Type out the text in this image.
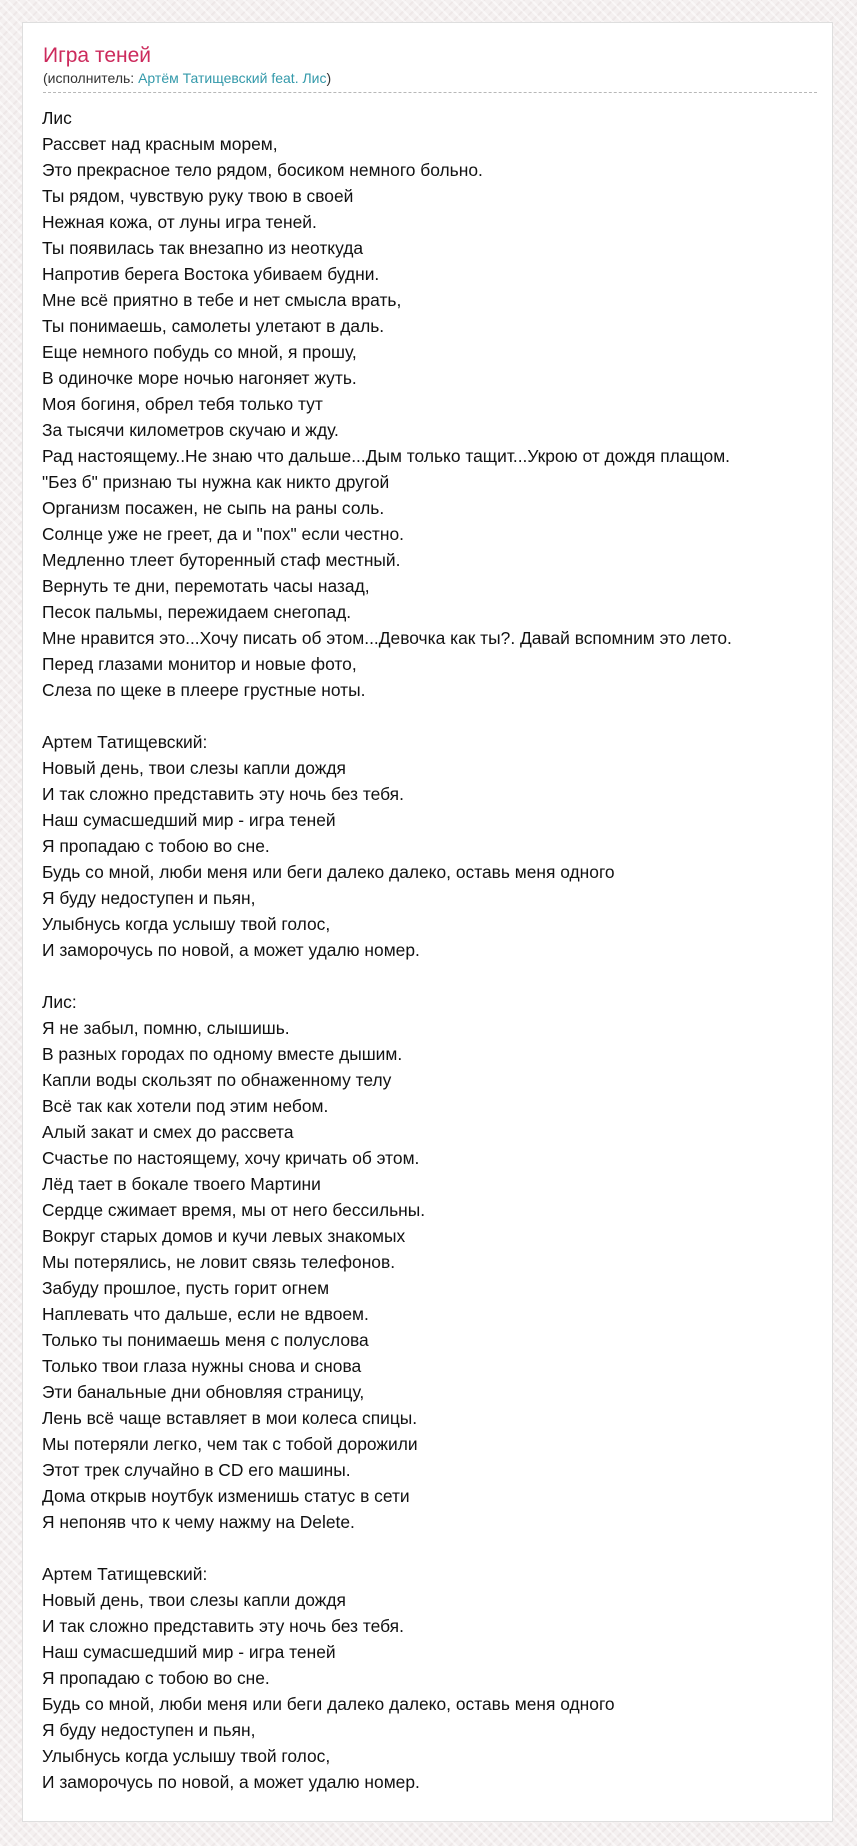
Игра теней
(исполнитель: Артём Татищевский feat. Лис)
Лис
Рассвет над красным морем,
Это прекрасное тело рядом, босиком немного больно.
Ты рядом, чувствую руку твою в своей
Нежная кожа, от луны игра теней.
Ты появилась так внезапно из неоткуда
Напротив берега Востока убиваем будни.
Мне всё приятно в тебе и нет смысла врать,
Ты понимаешь, самолеты улетают в даль.
Еще немного побудь со мной, я прошу,
В одиночке море ночью нагоняет жуть.
Моя богиня, обрел тебя только тут
За тысячи километров скучаю и жду.
Рад настоящему..Не знаю что дальше...Дым только тащит...Укрою от дождя плащом.
"Без б" признаю ты нужна как никто другой
Организм посажен, не сыпь на раны соль.
Солнце уже не греет, да и "пох" если честно.
Медленно тлеет буторенный стаф местный.
Вернуть те дни, перемотать часы назад,
Песок пальмы, пережидаем снегопад.
Мне нравится это...Хочу писать об этом...Девочка как ты?. Давай вспомним это лето.
Перед глазами монитор и новые фото,
Слеза по щеке в плеере грустные ноты.
Артем Татищевский:
Новый день, твои слезы капли дождя
И так сложно представить эту ночь без тебя.
Наш сумасшедший мир - игра теней
Я пропадаю с тобою во сне.
Будь со мной, люби меня или беги далеко далеко, оставь меня одного
Я буду недоступен и пьян,
Улыбнусь когда услышу твой голос,
И заморочусь по новой, а может удалю номер.
Лис:
Я не забыл, помню, слышишь.
В разных городах по одному вместе дышим.
Капли воды скользят по обнаженному телу
Всё так как хотели под этим небом.
Алый закат и смех до рассвета
Счастье по настоящему, хочу кричать об этом.
Лёд тает в бокале твоего Мартини
Сердце сжимает время, мы от него бессильны.
Вокруг старых домов и кучи левых знакомых
Мы потерялись, не ловит связь телефонов.
Забуду прошлое, пусть горит огнем
Наплевать что дальше, если не вдвоем.
Только ты понимаешь меня с полуслова
Только твои глаза нужны снова и снова
Эти банальные дни обновляя страницу,
Лень всё чаще вставляет в мои колеса спицы.
Мы потеряли легко, чем так с тобой дорожили
Этот трек случайно в CD его машины.
Дома открыв ноутбук изменишь статус в сети
Я непоняв что к чему нажму на Delete.
Артем Татищевский:
Новый день, твои слезы капли дождя
И так сложно представить эту ночь без тебя.
Наш сумасшедший мир - игра теней
Я пропадаю с тобою во сне.
Будь со мной, люби меня или беги далеко далеко, оставь меня одного
Я буду недоступен и пьян,
Улыбнусь когда услышу твой голос,
И заморочусь по новой, а может удалю номер.
